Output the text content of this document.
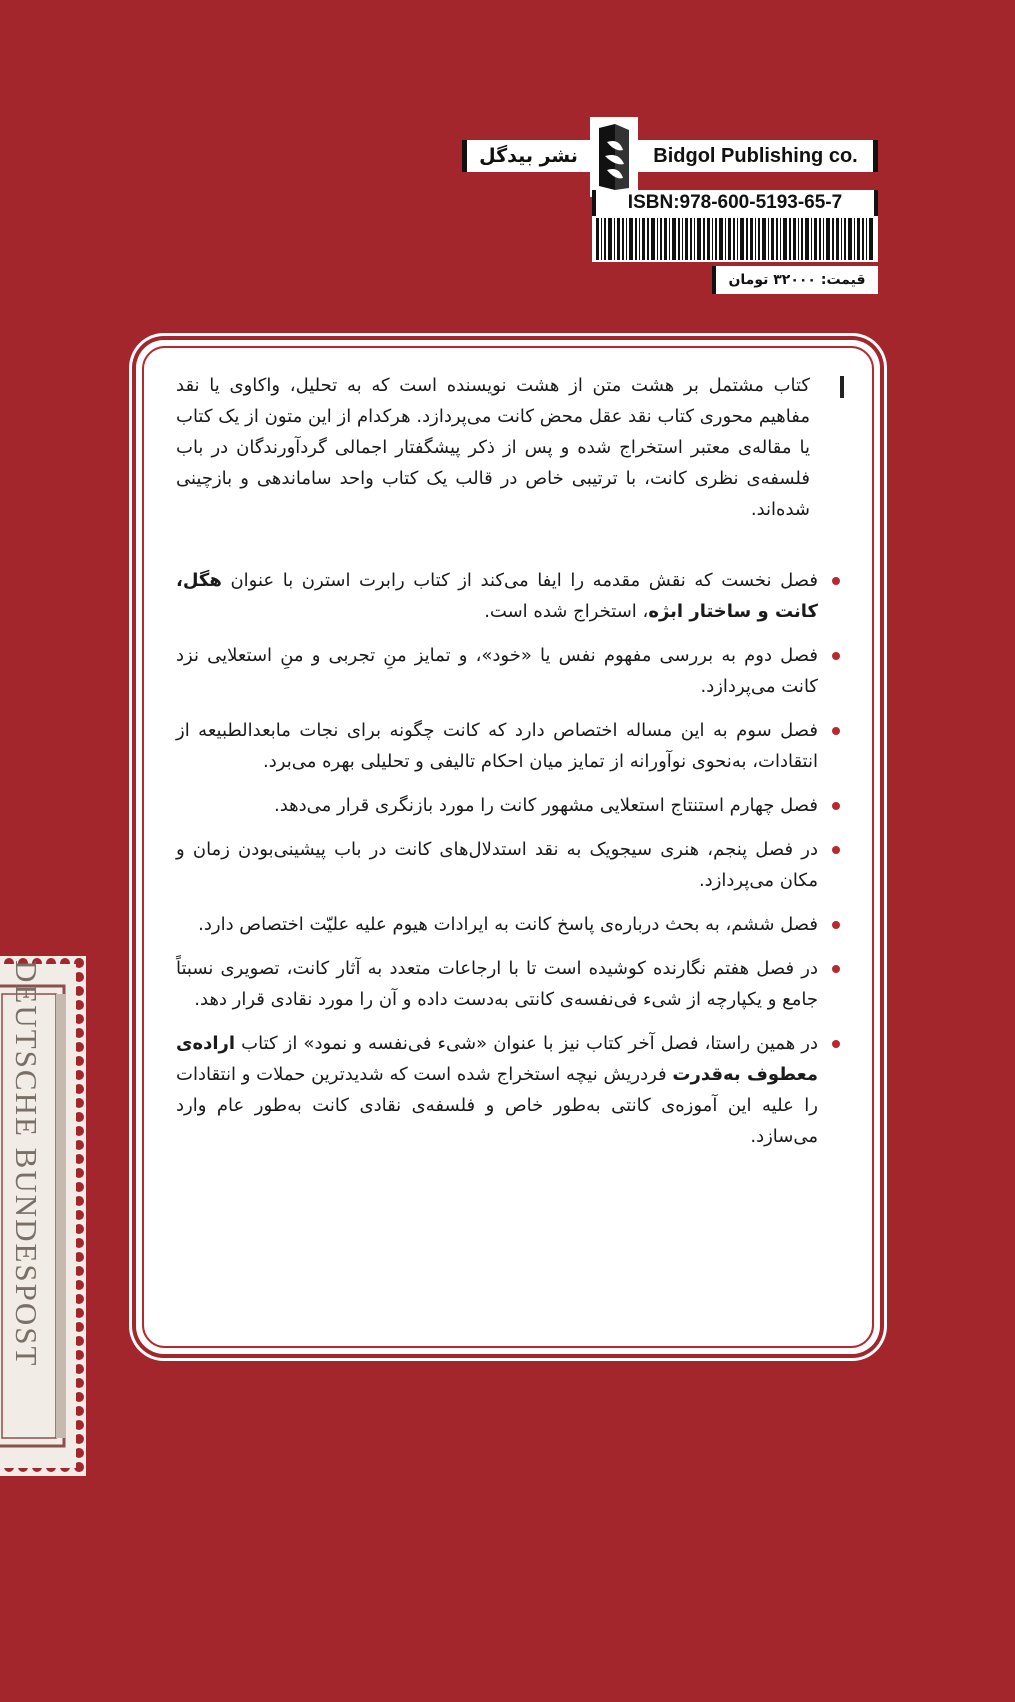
نشر بیدگل	Bidgol Publishing co.
ISBN:978-600-5193-65-7
قیمت: ۳۲۰۰۰ تومان
کتاب مشتمل بر هشت متن از هشت نویسنده است که به تحلیل، واکاوی یا نقد مفاهیم محوری کتاب نقد عقل محض کانت می‌پردازد. هرکدام از این متون از یک کتاب یا مقاله‌ی معتبر استخراج شده و پس از ذکر پیشگفتار اجمالی گردآورندگان در باب فلسفه‌ی نظری کانت، با ترتیبی خاص در قالب یک کتاب واحد ساماندهی و بازچینی شده‌اند.
فصل نخست که نقش مقدمه را ایفا می‌کند از کتاب رابرت استرن با عنوان هگل، کانت و ساختار ابژه، استخراج شده است.
فصل دوم به بررسی مفهوم نفس یا «خود»، و تمایز منِ تجربی و منِ استعلایی نزد کانت می‌پردازد.
فصل سوم به این مساله اختصاص دارد که کانت چگونه برای نجات مابعدالطبیعه از انتقادات، به‌نحوی نوآورانه از تمایز میان احکام تالیفی و تحلیلی بهره می‌برد.
فصل چهارم استنتاج استعلایی مشهور کانت را مورد بازنگری قرار می‌دهد.
در فصل پنجم، هنری سیجویک به نقد استدلال‌های کانت در باب پیشینی‌بودن زمان و مکان می‌پردازد.
فصل ششم، به بحث درباره‌ی پاسخ کانت به ایرادات هیوم علیه علیّت اختصاص دارد.
در فصل هفتم نگارنده کوشیده است تا با ارجاعات متعدد به آثار کانت، تصویری نسبتاً جامع و یکپارچه از شیء فی‌نفسه‌ی کانتی به‌دست داده و آن را مورد نقادی قرار دهد.
در همین راستا، فصل آخر کتاب نیز با عنوان «شیء فی‌نفسه و نمود» از کتاب اراده‌ی معطوف به‌قدرت فردریش نیچه استخراج شده است که شدیدترین حملات و انتقادات را علیه این آموزه‌ی کانتی به‌طور خاص و فلسفه‌ی نقادی کانت به‌طور عام وارد می‌سازد.
DEUTSCHE BUNDESPOST
